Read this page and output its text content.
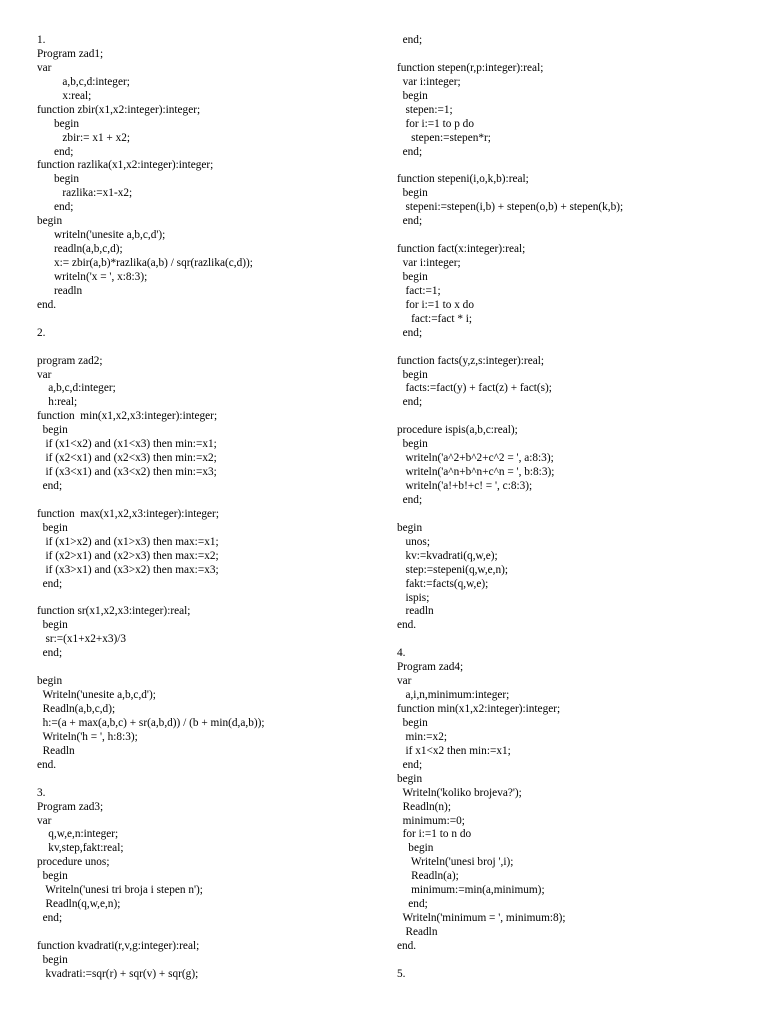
1.
Program zad1;
var
a,b,c,d:integer;
x:real;
function zbir(x1,x2:integer):integer;
begin
zbir:= x1 + x2;
end;
function razlika(x1,x2:integer):integer;
begin
razlika:=x1-x2;
end;
begin
writeln('unesite a,b,c,d');
readln(a,b,c,d);
x:= zbir(a,b)*razlika(a,b) / sqr(razlika(c,d));
writeln('x = ', x:8:3);
readln
end.
2.
program zad2;
var
a,b,c,d:integer;
h:real;
function  min(x1,x2,x3:integer):integer;
begin
if (x1<x2) and (x1<x3) then min:=x1;
if (x2<x1) and (x2<x3) then min:=x2;
if (x3<x1) and (x3<x2) then min:=x3;
end;
function  max(x1,x2,x3:integer):integer;
begin
if (x1>x2) and (x1>x3) then max:=x1;
if (x2>x1) and (x2>x3) then max:=x2;
if (x3>x1) and (x3>x2) then max:=x3;
end;
function sr(x1,x2,x3:integer):real;
begin
sr:=(x1+x2+x3)/3
end;
begin
Writeln('unesite a,b,c,d');
Readln(a,b,c,d);
h:=(a + max(a,b,c) + sr(a,b,d)) / (b + min(d,a,b));
Writeln('h = ', h:8:3);
Readln
end.
3.
Program zad3;
var
q,w,e,n:integer;
kv,step,fakt:real;
procedure unos;
begin
Writeln('unesi tri broja i stepen n');
Readln(q,w,e,n);
end;
function kvadrati(r,v,g:integer):real;
begin
kvadrati:=sqr(r) + sqr(v) + sqr(g);
end;
function stepen(r,p:integer):real;
var i:integer;
begin
stepen:=1;
for i:=1 to p do
stepen:=stepen*r;
end;
function stepeni(i,o,k,b):real;
begin
stepeni:=stepen(i,b) + stepen(o,b) + stepen(k,b);
end;
function fact(x:integer):real;
var i:integer;
begin
fact:=1;
for i:=1 to x do
fact:=fact * i;
end;
function facts(y,z,s:integer):real;
begin
facts:=fact(y) + fact(z) + fact(s);
end;
procedure ispis(a,b,c:real);
begin
writeln('a^2+b^2+c^2 = ', a:8:3);
writeln('a^n+b^n+c^n = ', b:8:3);
writeln('a!+b!+c! = ', c:8:3);
end;
begin
unos;
kv:=kvadrati(q,w,e);
step:=stepeni(q,w,e,n);
fakt:=facts(q,w,e);
ispis;
readln
end.
4.
Program zad4;
var
a,i,n,minimum:integer;
function min(x1,x2:integer):integer;
begin
min:=x2;
if x1<x2 then min:=x1;
end;
begin
Writeln('koliko brojeva?');
Readln(n);
minimum:=0;
for i:=1 to n do
begin
Writeln('unesi broj ',i);
Readln(a);
minimum:=min(a,minimum);
end;
Writeln('minimum = ', minimum:8);
Readln
end.
5.
